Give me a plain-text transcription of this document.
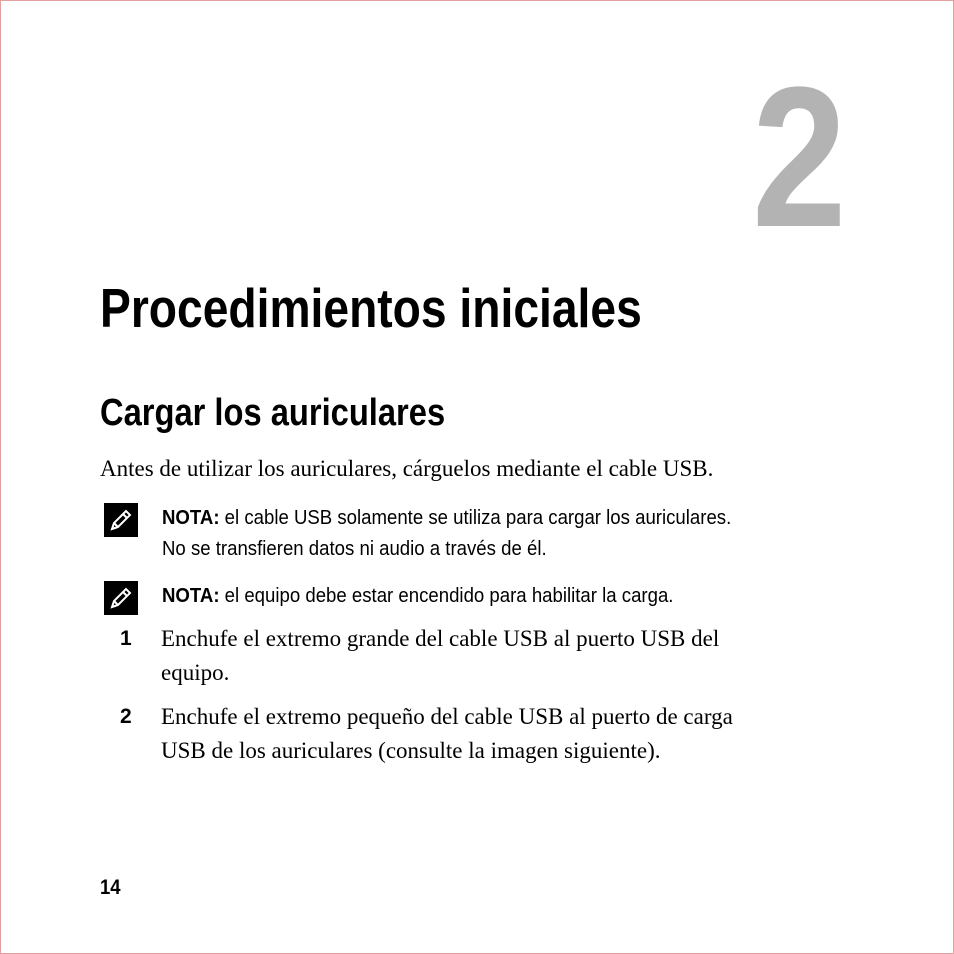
2
Procedimientos iniciales
Cargar los auriculares
Antes de utilizar los auriculares, cárguelos mediante el cable USB.
NOTA: el cable USB solamente se utiliza para cargar los auriculares.
No se transfieren datos ni audio a través de él.
NOTA: el equipo debe estar encendido para habilitar la carga.
1 Enchufe el extremo grande del cable USB al puerto USB del
equipo.
2 Enchufe el extremo pequeño del cable USB al puerto de carga
USB de los auriculares (consulte la imagen siguiente).
14
